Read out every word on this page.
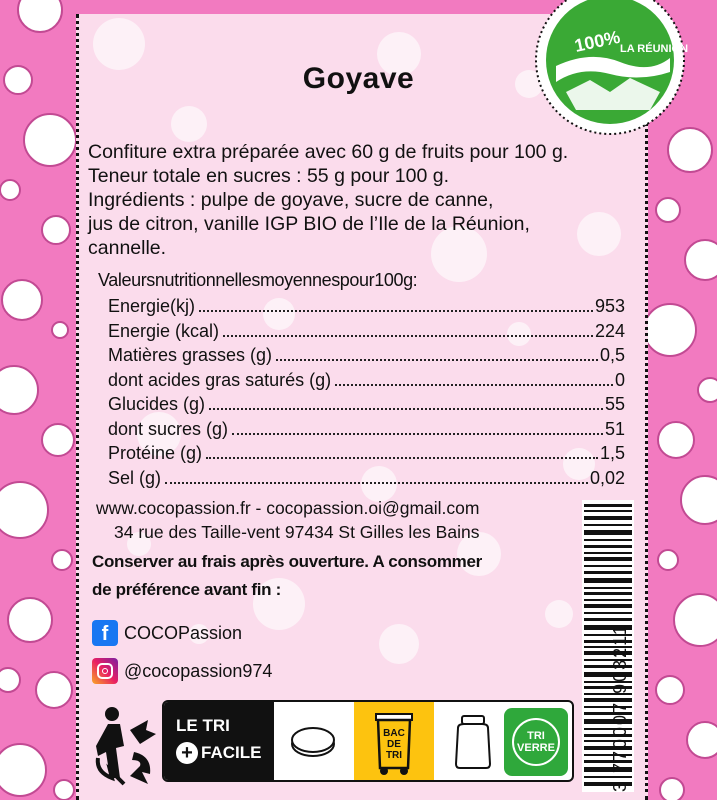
100%
LA RÉUNION
Goyave
Confiture extra préparée avec 60 g de fruits pour 100 g.
Teneur totale en sucres : 55 g pour 100 g.
Ingrédients : pulpe de goyave, sucre de canne,
jus de citron, vanille IGP BIO de l’Ile de la Réunion,
cannelle.
Valeursnutritionnellesmoyennespour100g:
Energie(kj)	953
Energie (kcal)	224
Matières grasses (g)	0,5
dont acides gras saturés (g)	0
Glucides (g)	55
dont sucres (g)	51
Protéine (g)	1,5
Sel (g)	0,02
www.cocopassion.fr - cocopassion.oi@gmail.com
34 rue des Taille-vent 97434 St Gilles les Bains
Conserver au frais après ouverture. A consommer
de préférence avant fin :
f COCOPassion
@cocopassion974
LE TRI
+ FACILE
BAC
DE
TRI
TRI
VERRE	3 770007 903211
